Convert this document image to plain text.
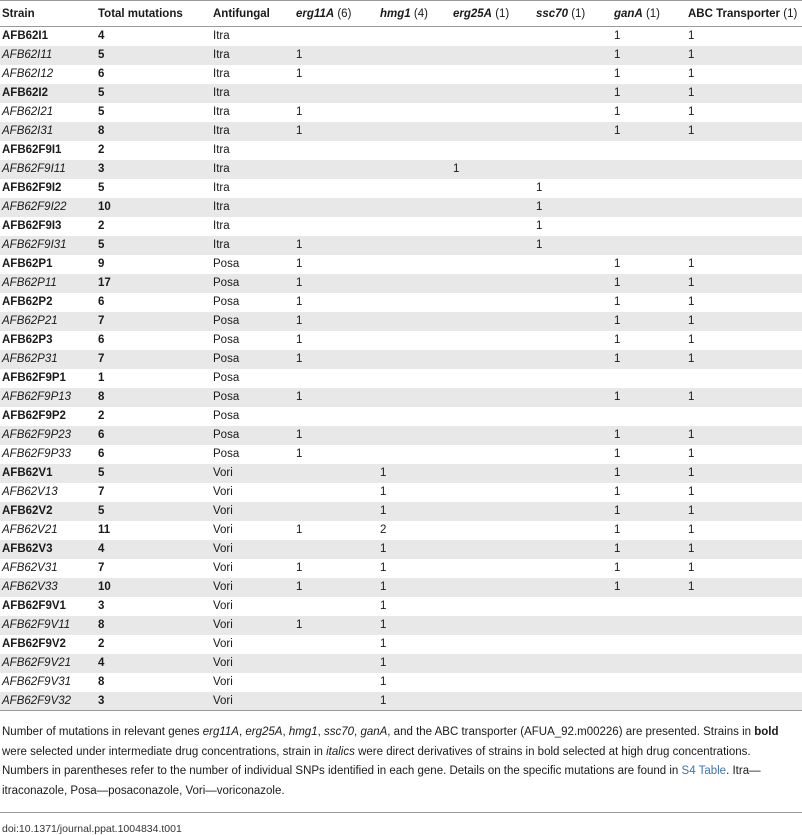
Strain	Total mutations	Antifungal	erg11A (6)	hmg1 (4)	erg25A (1)	ssc70 (1)	ganA (1)	ABC Transporter (1)
AFB62I1	4	Itra					1	1
AFB62I11	5	Itra	1				1	1
AFB62I12	6	Itra	1				1	1
AFB62I2	5	Itra					1	1
AFB62I21	5	Itra	1				1	1
AFB62I31	8	Itra	1				1	1
AFB62F9I1	2	Itra						
AFB62F9I11	3	Itra			1			
AFB62F9I2	5	Itra				1		
AFB62F9I22	10	Itra				1		
AFB62F9I3	2	Itra				1		
AFB62F9I31	5	Itra	1			1		
AFB62P1	9	Posa	1				1	1
AFB62P11	17	Posa	1				1	1
AFB62P2	6	Posa	1				1	1
AFB62P21	7	Posa	1				1	1
AFB62P3	6	Posa	1				1	1
AFB62P31	7	Posa	1				1	1
AFB62F9P1	1	Posa						
AFB62F9P13	8	Posa	1				1	1
AFB62F9P2	2	Posa						
AFB62F9P23	6	Posa	1				1	1
AFB62F9P33	6	Posa	1				1	1
AFB62V1	5	Vori		1			1	1
AFB62V13	7	Vori		1			1	1
AFB62V2	5	Vori		1			1	1
AFB62V21	11	Vori	1	2			1	1
AFB62V3	4	Vori		1			1	1
AFB62V31	7	Vori	1	1			1	1
AFB62V33	10	Vori	1	1			1	1
AFB62F9V1	3	Vori		1				
AFB62F9V11	8	Vori	1	1				
AFB62F9V2	2	Vori		1				
AFB62F9V21	4	Vori		1				
AFB62F9V31	8	Vori		1				
AFB62F9V32	3	Vori		1				

Number of mutations in relevant genes erg11A, erg25A, hmg1, ssc70, ganA, and the ABC transporter (AFUA_92.m00226) are presented. Strains in bold were selected under intermediate drug concentrations, strain in italics were direct derivatives of strains in bold selected at high drug concentrations. Numbers in parentheses refer to the number of individual SNPs identified in each gene. Details on the specific mutations are found in S4 Table. Itra—itraconazole, Posa—posaconazole, Vori—voriconazole.

doi:10.1371/journal.ppat.1004834.t001
